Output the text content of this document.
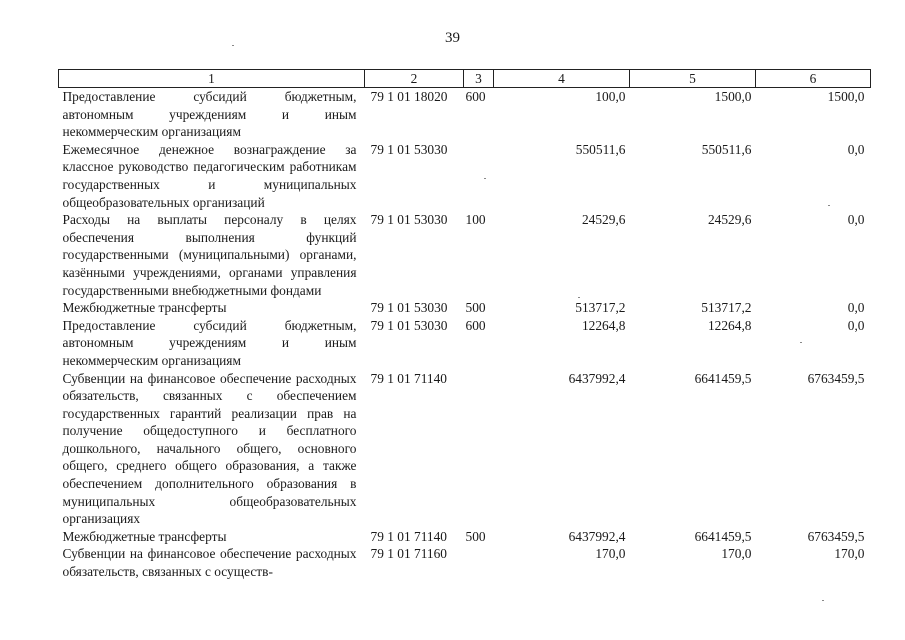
39
1	2	3	4	5	6
Предоставление субсидий бюджетным, автономным учреждениям и иным некоммерческим организациям	79 1 01 18020	600	100,0	1500,0	1500,0
Ежемесячное денежное вознаграждение за классное руководство педагогическим работникам государственных и муниципальных общеобразовательных организаций	79 1 01 53030		550511,6	550511,6	0,0
Расходы на выплаты персоналу в целях обеспечения выполнения функций государственными (муниципальными) органами, казёнными учреждениями, органами управления государственными внебюджетными фондами	79 1 01 53030	100	24529,6	24529,6	0,0
Межбюджетные трансферты	79 1 01 53030	500	513717,2	513717,2	0,0
Предоставление субсидий бюджетным, автономным учреждениям и иным некоммерческим организациям	79 1 01 53030	600	12264,8	12264,8	0,0
Субвенции на финансовое обеспечение расходных обязательств, связанных с обеспечением государственных гарантий реализации прав на получение общедоступного и бесплатного дошкольного, начального общего, основного общего, среднего общего образования, а также обеспечением дополнительного образования в муниципальных общеобразовательных организациях	79 1 01 71140		6437992,4	6641459,5	6763459,5
Межбюджетные трансферты	79 1 01 71140	500	6437992,4	6641459,5	6763459,5
Субвенции на финансовое обеспечение расходных обязательств, связанных с осуществ-	79 1 01 71160		170,0	170,0	170,0
